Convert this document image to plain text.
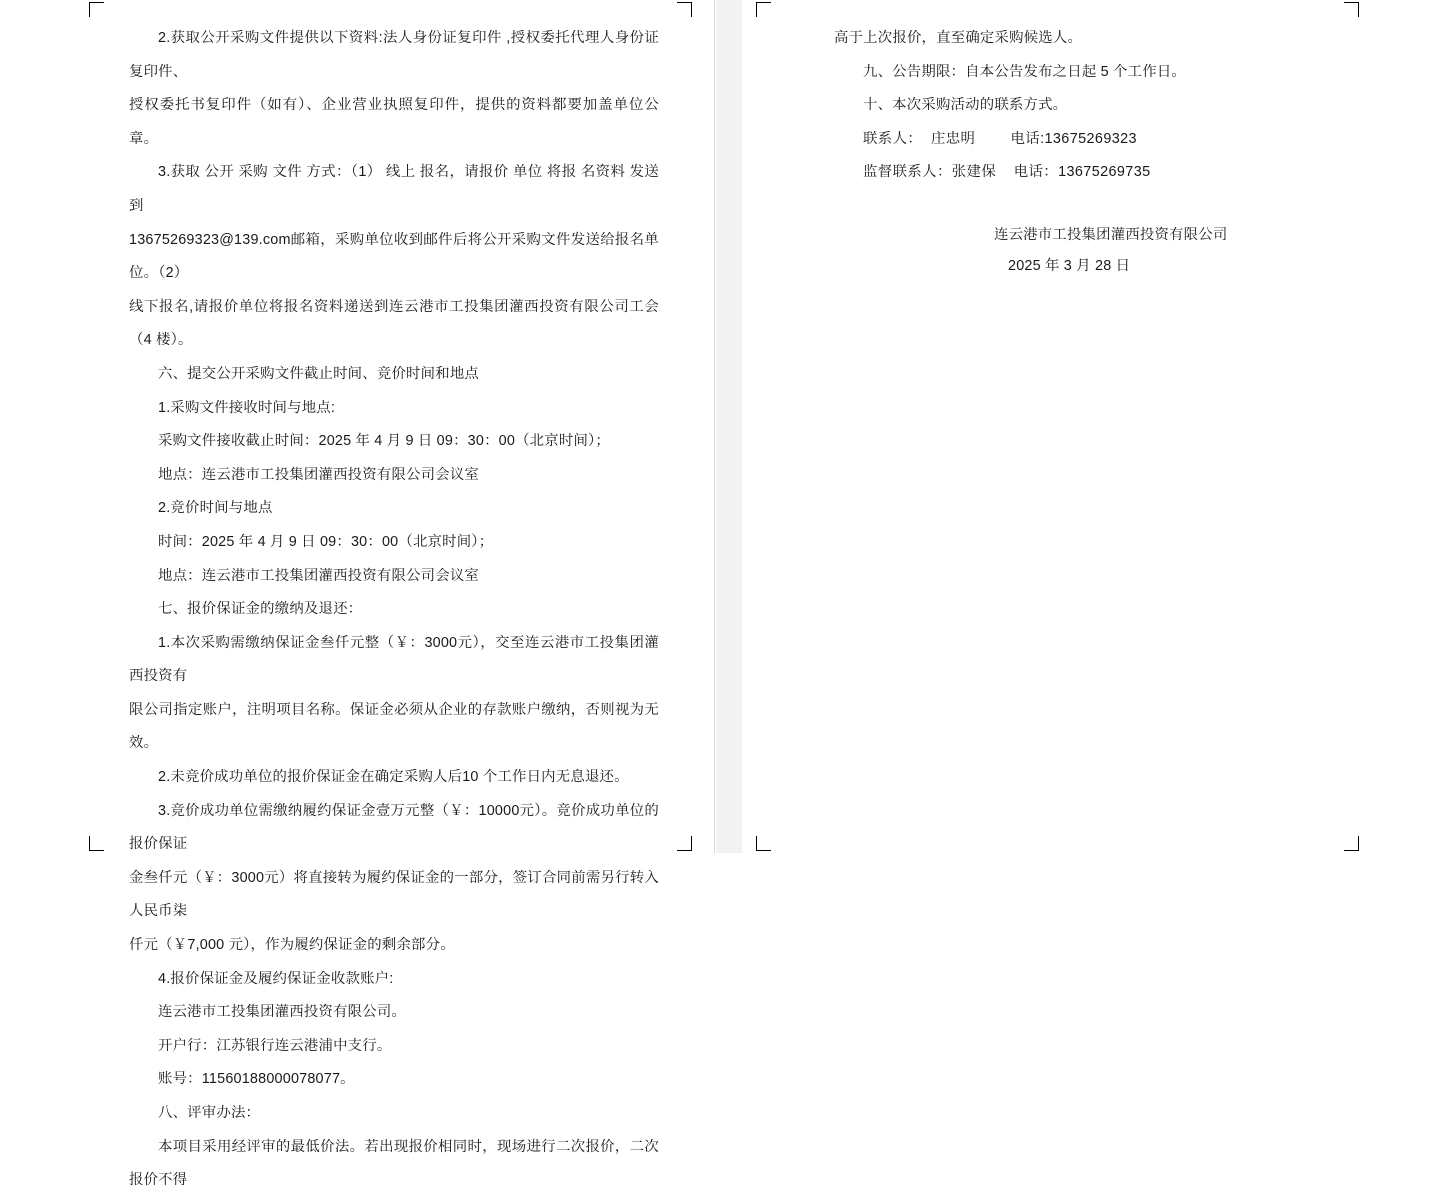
2.获取公开采购文件提供以下资料:法人身份证复印件 ,授权委托代理人身份证复印件、

授权委托书复印件（如有）、企业营业执照复印件，提供的资料都要加盖单位公章。

3.获取 公开 采购 文件 方式：（1） 线上 报名，请报价 单位 将报 名资料 发送到

13675269323@139.com邮箱，采购单位收到邮件后将公开采购文件发送给报名单位。（2）

线下报名,请报价单位将报名资料递送到连云港市工投集团灌西投资有限公司工会（4 楼）。

六、提交公开采购文件截止时间、竞价时间和地点

1.采购文件接收时间与地点:

采购文件接收截止时间：2025 年 4 月 9 日 09：30：00（北京时间）；

地点：连云港市工投集团灌西投资有限公司会议室

2.竞价时间与地点

时间：2025 年 4 月 9 日 09：30：00（北京时间）；

地点：连云港市工投集团灌西投资有限公司会议室

七、报价保证金的缴纳及退还：

1.本次采购需缴纳保证金叁仟元整（￥：3000元），交至连云港市工投集团灌西投资有

限公司指定账户，注明项目名称。保证金必须从企业的存款账户缴纳，否则视为无效。

2.未竞价成功单位的报价保证金在确定采购人后10 个工作日内无息退还。

3.竞价成功单位需缴纳履约保证金壹万元整（￥：10000元）。竞价成功单位的报价保证

金叁仟元（￥：3000元）将直接转为履约保证金的一部分，签订合同前需另行转入人民币柒

仟元（￥7,000 元），作为履约保证金的剩余部分。

4.报价保证金及履约保证金收款账户:

连云港市工投集团灌西投资有限公司。

开户行：江苏银行连云港浦中支行。

账号：11560188000078077。

八、评审办法：

本项目采用经评审的最低价法。若出现报价相同时，现场进行二次报价，二次报价不得

高于上次报价，直至确定采购候选人。

九、公告期限：自本公告发布之日起 5 个工作日。

十、本次采购活动的联系方式。

联系人：  庄忠明        电话:13675269323

监督联系人：张建保    电话：13675269735

连云港市工投集团灌西投资有限公司

2025 年 3 月 28 日
